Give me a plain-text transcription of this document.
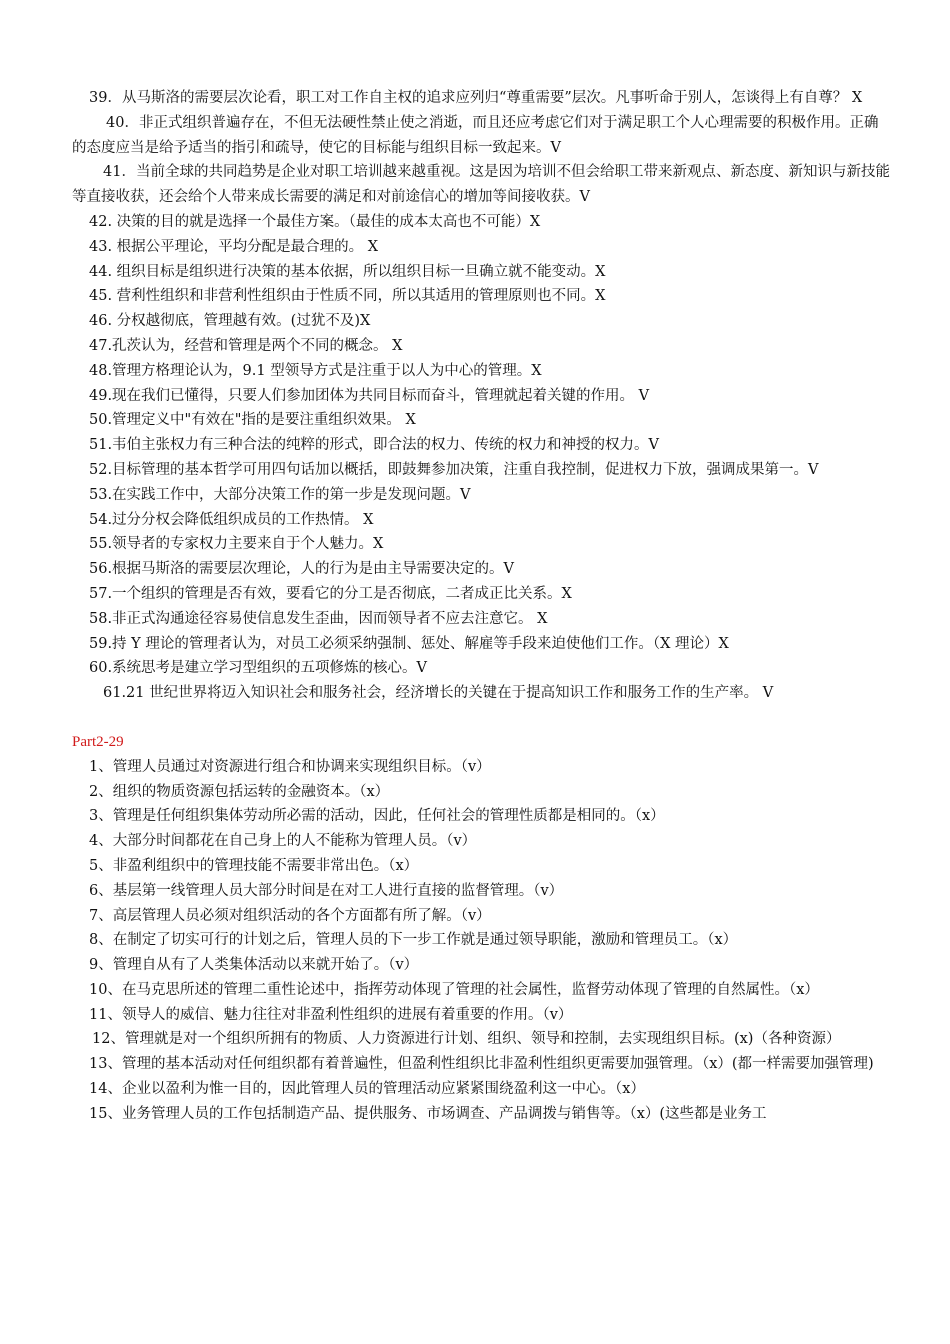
39．从马斯洛的需要层次论看，职工对工作自主权的追求应列归“尊重需要”层次。凡事听命于别人，怎谈得上有自尊？ X

40．非正式组织普遍存在，不但无法硬性禁止使之消逝，而且还应考虑它们对于满足职工个人心理需要的积极作用。正确的态度应当是给予适当的指引和疏导，使它的目标能与组织目标一致起来。V

41．当前全球的共同趋势是企业对职工培训越来越重视。这是因为培训不但会给职工带来新观点、新态度、新知识与新技能等直接收获，还会给个人带来成长需要的满足和对前途信心的增加等间接收获。V

42. 决策的目的就是选择一个最佳方案。（最佳的成本太高也不可能）X

43. 根据公平理论，平均分配是最合理的。 X

44. 组织目标是组织进行决策的基本依据，所以组织目标一旦确立就不能变动。X

45. 营利性组织和非营利性组织由于性质不同，所以其适用的管理原则也不同。X

46. 分权越彻底，管理越有效。(过犹不及)X

47.孔茨认为，经营和管理是两个不同的概念。 X

48.管理方格理论认为，9.1 型领导方式是注重于以人为中心的管理。X

49.现在我们已懂得，只要人们参加团体为共同目标而奋斗，管理就起着关键的作用。 V

50.管理定义中"有效在"指的是要注重组织效果。 X

51.韦伯主张权力有三种合法的纯粹的形式，即合法的权力、传统的权力和神授的权力。V

52.目标管理的基本哲学可用四句话加以概括，即鼓舞参加决策，注重自我控制，促进权力下放，强调成果第一。V

53.在实践工作中，大部分决策工作的第一步是发现问题。V

54.过分分权会降低组织成员的工作热情。 X

55.领导者的专家权力主要来自于个人魅力。X

56.根据马斯洛的需要层次理论，人的行为是由主导需要决定的。V

57.一个组织的管理是否有效，要看它的分工是否彻底，二者成正比关系。X

58.非正式沟通途径容易使信息发生歪曲，因而领导者不应去注意它。 X

59.持 Y 理论的管理者认为，对员工必须采纳强制、惩处、解雇等手段来迫使他们工作。（X 理论）X

60.系统思考是建立学习型组织的五项修炼的核心。V

61.21 世纪世界将迈入知识社会和服务社会，经济增长的关键在于提高知识工作和服务工作的生产率。 V

Part2-29

1、管理人员通过对资源进行组合和协调来实现组织目标。（v）

2、组织的物质资源包括运转的金融资本。（x）

3、管理是任何组织集体劳动所必需的活动，因此，任何社会的管理性质都是相同的。（x）

4、大部分时间都花在自己身上的人不能称为管理人员。（v）

5、非盈利组织中的管理技能不需要非常出色。（x）

6、基层第一线管理人员大部分时间是在对工人进行直接的监督管理。（v）

7、高层管理人员必须对组织活动的各个方面都有所了解。（v）

8、在制定了切实可行的计划之后，管理人员的下一步工作就是通过领导职能，激励和管理员工。（x）

9、管理自从有了人类集体活动以来就开始了。（v）

10、在马克思所述的管理二重性论述中，指挥劳动体现了管理的社会属性，监督劳动体现了管理的自然属性。（x）

11、领导人的威信、魅力往往对非盈利性组织的进展有着重要的作用。（v）

12、管理就是对一个组织所拥有的物质、人力资源进行计划、组织、领导和控制，去实现组织目标。(x)（各种资源）

13、管理的基本活动对任何组织都有着普遍性，但盈利性组织比非盈利性组织更需要加强管理。（x）(都一样需要加强管理)

14、企业以盈利为惟一目的，因此管理人员的管理活动应紧紧围绕盈利这一中心。（x）

15、业务管理人员的工作包括制造产品、提供服务、市场调查、产品调拨与销售等。（x）(这些都是业务工
